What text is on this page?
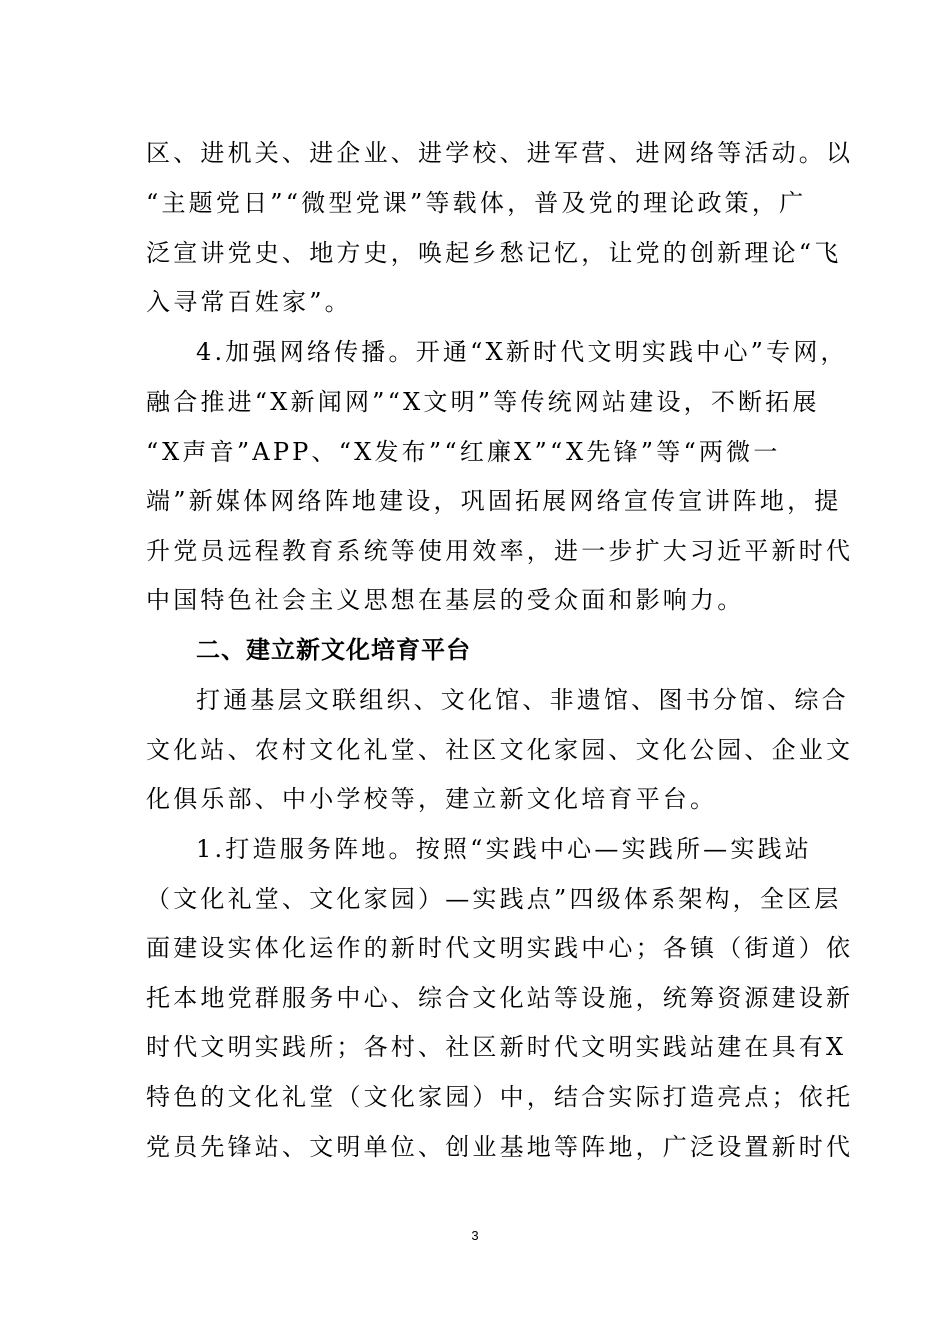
区、进机关、进企业、进学校、进军营、进网络等活动。以
“主题党日”“微型党课”等载体，普及党的理论政策，广
泛宣讲党史、地方史，唤起乡愁记忆，让党的创新理论“飞
入寻常百姓家”。
4.加强网络传播。开通“X新时代文明实践中心”专网，
融合推进“X新闻网”“X文明”等传统网站建设，不断拓展
“X声音”APP、“X发布”“红廉X”“X先锋”等“两微一
端”新媒体网络阵地建设，巩固拓展网络宣传宣讲阵地，提
升党员远程教育系统等使用效率，进一步扩大习近平新时代
中国特色社会主义思想在基层的受众面和影响力。
二、建立新文化培育平台
打通基层文联组织、文化馆、非遗馆、图书分馆、综合
文化站、农村文化礼堂、社区文化家园、文化公园、企业文
化俱乐部、中小学校等，建立新文化培育平台。
1.打造服务阵地。按照“实践中心—实践所—实践站
（文化礼堂、文化家园）—实践点”四级体系架构，全区层
面建设实体化运作的新时代文明实践中心；各镇（街道）依
托本地党群服务中心、综合文化站等设施，统筹资源建设新
时代文明实践所；各村、社区新时代文明实践站建在具有X
特色的文化礼堂（文化家园）中，结合实际打造亮点；依托
党员先锋站、文明单位、创业基地等阵地，广泛设置新时代
3
